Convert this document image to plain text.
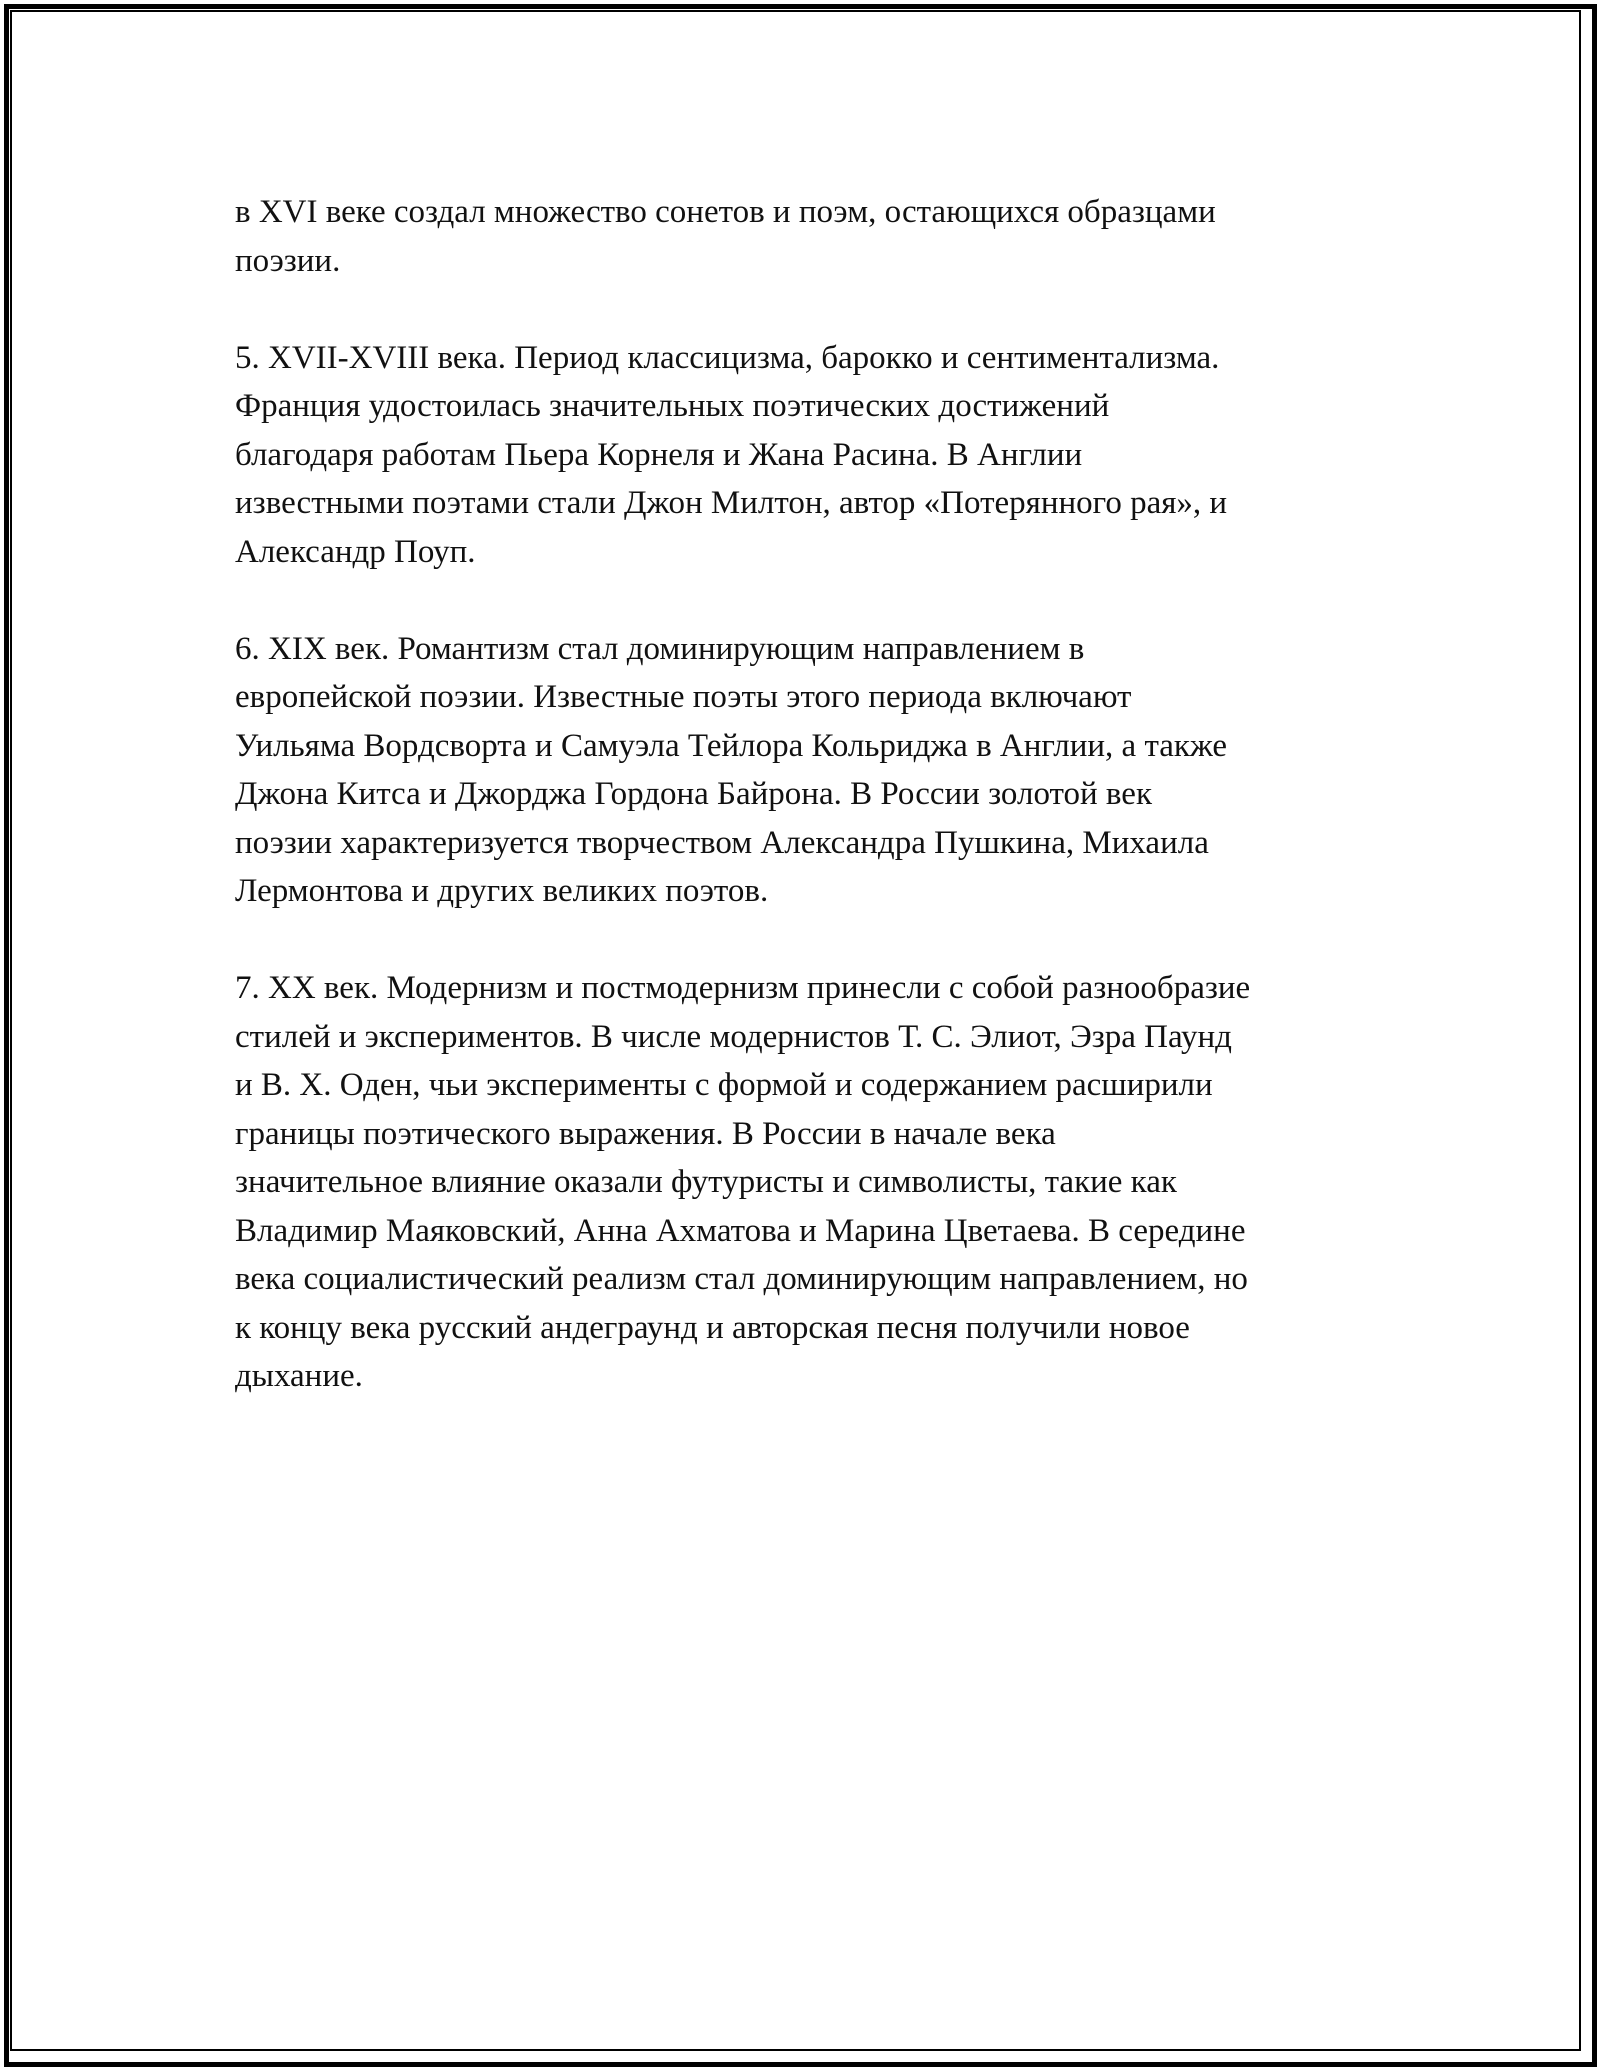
в XVI веке создал множество сонетов и поэм, остающихся образцами
поэзии.

5. XVII-XVIII века. Период классицизма, барокко и сентиментализма.
Франция удостоилась значительных поэтических достижений
благодаря работам Пьера Корнеля и Жана Расина. В Англии
известными поэтами стали Джон Милтон, автор «Потерянного рая», и
Александр Поуп.

6. XIX век. Романтизм стал доминирующим направлением в
европейской поэзии. Известные поэты этого периода включают
Уильяма Вордсворта и Самуэла Тейлора Кольриджа в Англии, а также
Джона Китса и Джорджа Гордона Байрона. В России золотой век
поэзии характеризуется творчеством Александра Пушкина, Михаила
Лермонтова и других великих поэтов.

7. XX век. Модернизм и постмодернизм принесли с собой разнообразие
стилей и экспериментов. В числе модернистов Т. С. Элиот, Эзра Паунд
и В. Х. Оден, чьи эксперименты с формой и содержанием расширили
границы поэтического выражения. В России в начале века
значительное влияние оказали футуристы и символисты, такие как
Владимир Маяковский, Анна Ахматова и Марина Цветаева. В середине
века социалистический реализм стал доминирующим направлением, но
к концу века русский андеграунд и авторская песня получили новое
дыхание.
